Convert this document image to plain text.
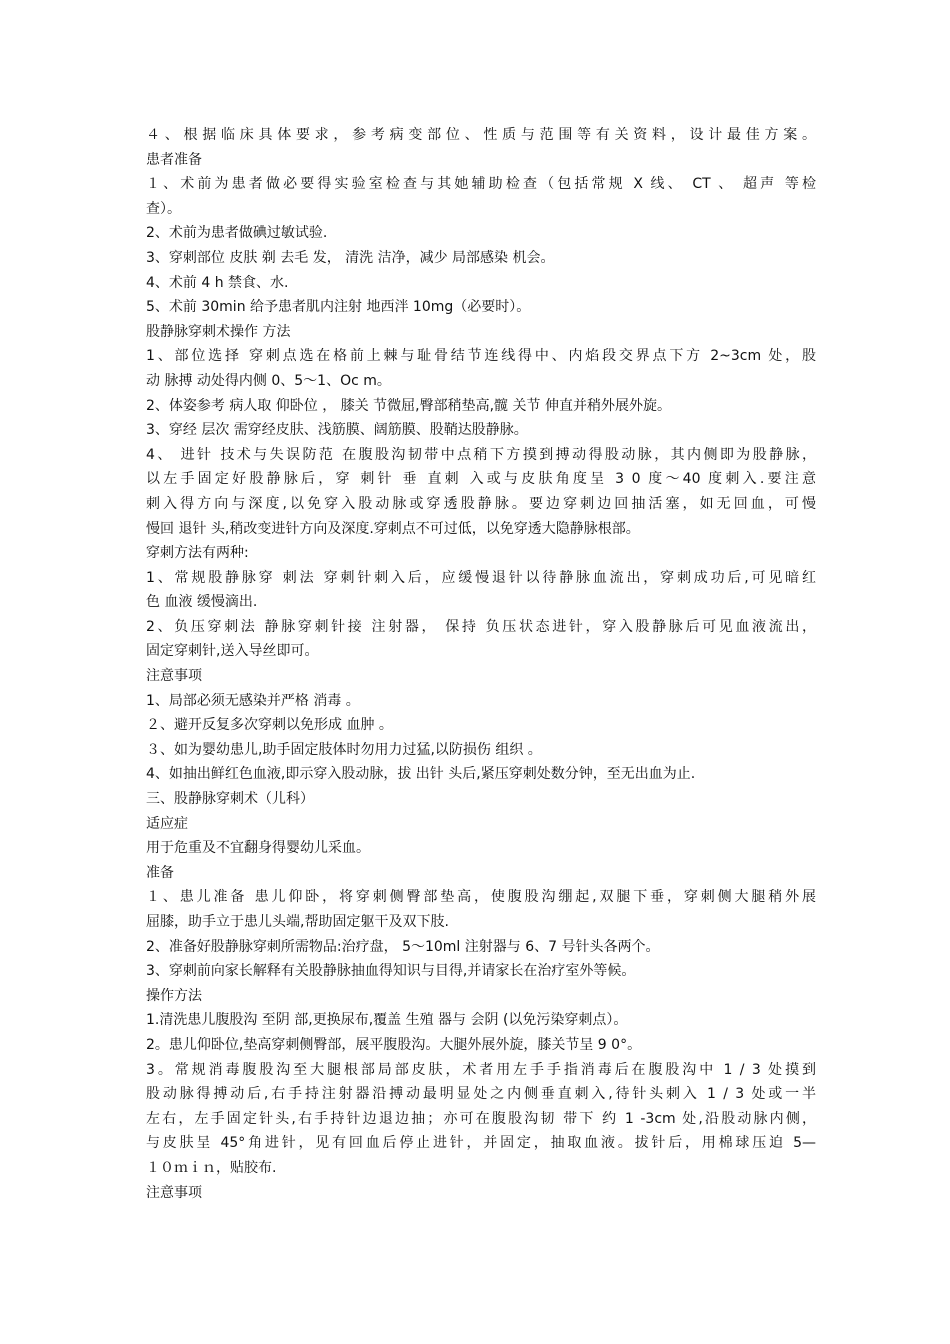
４、根据临床具体要求，参考病变部位、性质与范围等有关资料，设计最佳方案。
患者准备
１、术前为患者做必要得实验室检查与其她辅助检查（包括常规 X 线、 CT 、 超声 等检
查）。
2、术前为患者做碘过敏试验.
3、穿刺部位 皮肤 剃 去毛 发， 清洗 洁净，减少 局部感染 机会。
4、术前 4 h 禁食、水.
5、术前 30min 给予患者肌内注射 地西泮 10mg（必要时）。
股静脉穿刺术操作 方法
1、部位选择 穿刺点选在格前上棘与耻骨结节连线得中、内焰段交界点下方 2~3cm 处，股
动 脉搏 动处得内侧 0、5～1、Oc m。
2、体姿参考 病人取 仰卧位 ， 膝关 节微屈,臀部稍垫高,髋 关节 伸直并稍外展外旋。
3、穿经 层次 需穿经皮肤、浅筋膜、阔筋膜、股鞘达股静脉。
4、 进针 技术与失误防范 在腹股沟韧带中点稍下方摸到搏动得股动脉，其内侧即为股静脉，
以左手固定好股静脉后，穿 刺针 垂 直刺 入或与皮肤角度呈 3 0 度～40 度刺入.要注意
刺入得方向与深度,以免穿入股动脉或穿透股静脉。要边穿刺边回抽活塞，如无回血，可慢
慢回 退针 头,稍改变进针方向及深度.穿刺点不可过低，以免穿透大隐静脉根部。
穿刺方法有两种:
1、常规股静脉穿 刺法 穿刺针刺入后，应缓慢退针以待静脉血流出，穿刺成功后,可见暗红
色 血液 缓慢滴出.
2、负压穿刺法 静脉穿刺针接 注射器， 保持 负压状态进针，穿入股静脉后可见血液流出，
固定穿刺针,送入导丝即可。
注意事项
1、局部必须无感染并严格 消毒 。
２、避开反复多次穿刺以免形成 血肿 。
３、如为婴幼患儿,助手固定肢体时勿用力过猛,以防损伤 组织 。
4、如抽出鲜红色血液,即示穿入股动脉，拔 出针 头后,紧压穿刺处数分钟，至无出血为止.
三、股静脉穿刺术（儿科）
适应症
用于危重及不宜翻身得婴幼儿采血。
准备
１、患儿准备 患儿仰卧，将穿刺侧臀部垫高，使腹股沟绷起,双腿下垂，穿刺侧大腿稍外展
屈膝，助手立于患儿头端,帮助固定躯干及双下肢.
2、准备好股静脉穿刺所需物品:治疗盘， 5～10ml 注射器与 6、7 号针头各两个。
3、穿刺前向家长解释有关股静脉抽血得知识与目得,并请家长在治疗室外等候。
操作方法
1.清洗患儿腹股沟 至阴 部,更换尿布,覆盖 生殖 器与 会阴 (以免污染穿刺点）。
2。患儿仰卧位,垫高穿刺侧臀部，展平腹股沟。大腿外展外旋，膝关节呈 9 0°。
3。常规消毒腹股沟至大腿根部局部皮肤，术者用左手手指消毒后在腹股沟中 1 / 3 处摸到
股动脉得搏动后,右手持注射器沿搏动最明显处之内侧垂直刺入,待针头刺入 1 / 3 处或一半
左右，左手固定针头,右手持针边退边抽；亦可在腹股沟韧 带下 约 1 -3cm 处,沿股动脉内侧，
与皮肤呈 45°角进针，见有回血后停止进针，并固定，抽取血液。拔针后，用棉球压迫 5—
１０ｍｉｎ，贴胶布.
注意事项
